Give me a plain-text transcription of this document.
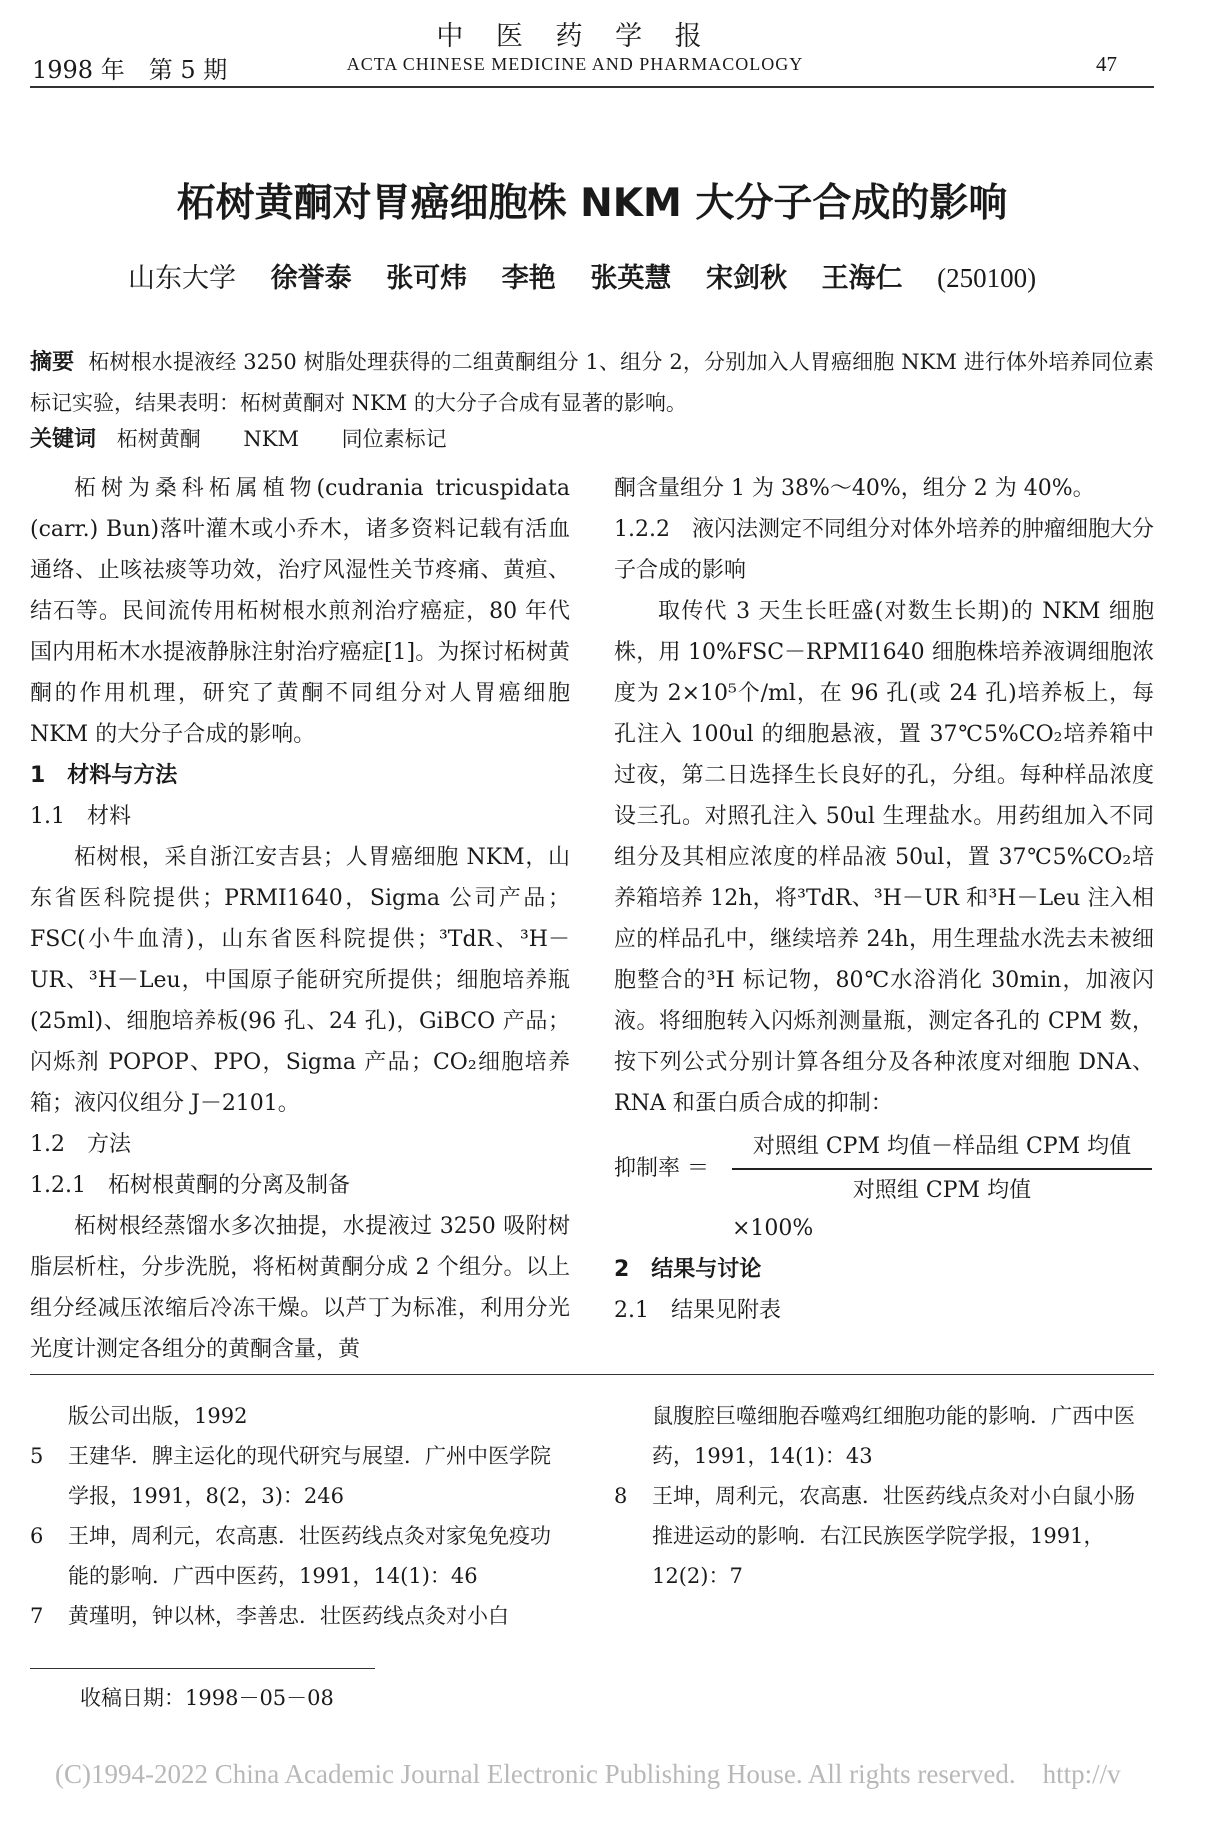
中 医 药 学 报
1998 年　第 5 期	ACTA CHINESE MEDICINE AND PHARMACOLOGY	47
柘树黄酮对胃癌细胞株 NKM 大分子合成的影响
山东大学 徐誉泰 张可炜 李艳 张英慧 宋剑秋 王海仁 (250100)
摘要 柘树根水提液经 3250 树脂处理获得的二组黄酮组分 1、组分 2，分别加入人胃癌细胞 NKM 进行体外培养同位素标记实验，结果表明：柘树黄酮对 NKM 的大分子合成有显著的影响。
关键词 柘树黄酮 NKM 同位素标记

柘树为桑科柘属植物(cudrania tricuspidata (carr.) Bun)落叶灌木或小乔木，诸多资料记载有活血通络、止咳祛痰等功效，治疗风湿性关节疼痛、黄疸、结石等。民间流传用柘树根水煎剂治疗癌症，80 年代国内用柘木水提液静脉注射治疗癌症[1]。为探讨柘树黄酮的作用机理，研究了黄酮不同组分对人胃癌细胞 NKM 的大分子合成的影响。

1　材料与方法

1.1　材料

柘树根，采自浙江安吉县；人胃癌细胞 NKM，山东省医科院提供；PRMI1640，Sigma 公司产品；FSC(小牛血清)，山东省医科院提供；³TdR、³H－UR、³H－Leu，中国原子能研究所提供；细胞培养瓶(25ml)、细胞培养板(96 孔、24 孔)，GiBCO 产品；闪烁剂 POPOP、PPO，Sigma 产品；CO₂细胞培养箱；液闪仪组分 J－2101。

1.2　方法

1.2.1　柘树根黄酮的分离及制备

柘树根经蒸馏水多次抽提，水提液过 3250 吸附树脂层析柱，分步洗脱，将柘树黄酮分成 2 个组分。以上组分经减压浓缩后冷冻干燥。以芦丁为标准，利用分光光度计测定各组分的黄酮含量，黄

酮含量组分 1 为 38%～40%，组分 2 为 40%。

1.2.2　液闪法测定不同组分对体外培养的肿瘤细胞大分子合成的影响

取传代 3 天生长旺盛(对数生长期)的 NKM 细胞株，用 10%FSC－RPMI1640 细胞株培养液调细胞浓度为 2×10⁵个/ml，在 96 孔(或 24 孔)培养板上，每孔注入 100ul 的细胞悬液，置 37℃5%CO₂培养箱中过夜，第二日选择生长良好的孔，分组。每种样品浓度设三孔。对照孔注入 50ul 生理盐水。用药组加入不同组分及其相应浓度的样品液 50ul，置 37℃5%CO₂培养箱培养 12h，将³TdR、³H－UR 和³H－Leu 注入相应的样品孔中，继续培养 24h，用生理盐水洗去未被细胞整合的³H 标记物，80℃水浴消化 30min，加液闪液。将细胞转入闪烁剂测量瓶，测定各孔的 CPM 数，按下列公式分别计算各组分及各种浓度对细胞 DNA、RNA 和蛋白质合成的抑制：

抑制率 ＝
对照组 CPM 均值－样品组 CPM 均值
对照组 CPM 均值

×100%

2　结果与讨论

2.1　结果见附表

版公司出版，1992
5	王建华．脾主运化的现代研究与展望．广州中医学院学报，1991，8(2，3)：246
6	王坤，周利元，农高惠．壮医药线点灸对家兔免疫功能的影响．广西中医药，1991，14(1)：46
7	黄瑾明，钟以林，李善忠．壮医药线点灸对小白
鼠腹腔巨噬细胞吞噬鸡红细胞功能的影响．广西中医药，1991，14(1)：43
8	王坤，周利元，农高惠．壮医药线点灸对小白鼠小肠推进运动的影响．右江民族医学院学报，1991，12(2)：7
收稿日期：1998－05－08
(C)1994-2022 China Academic Journal Electronic Publishing House. All rights reserved.　http://v
